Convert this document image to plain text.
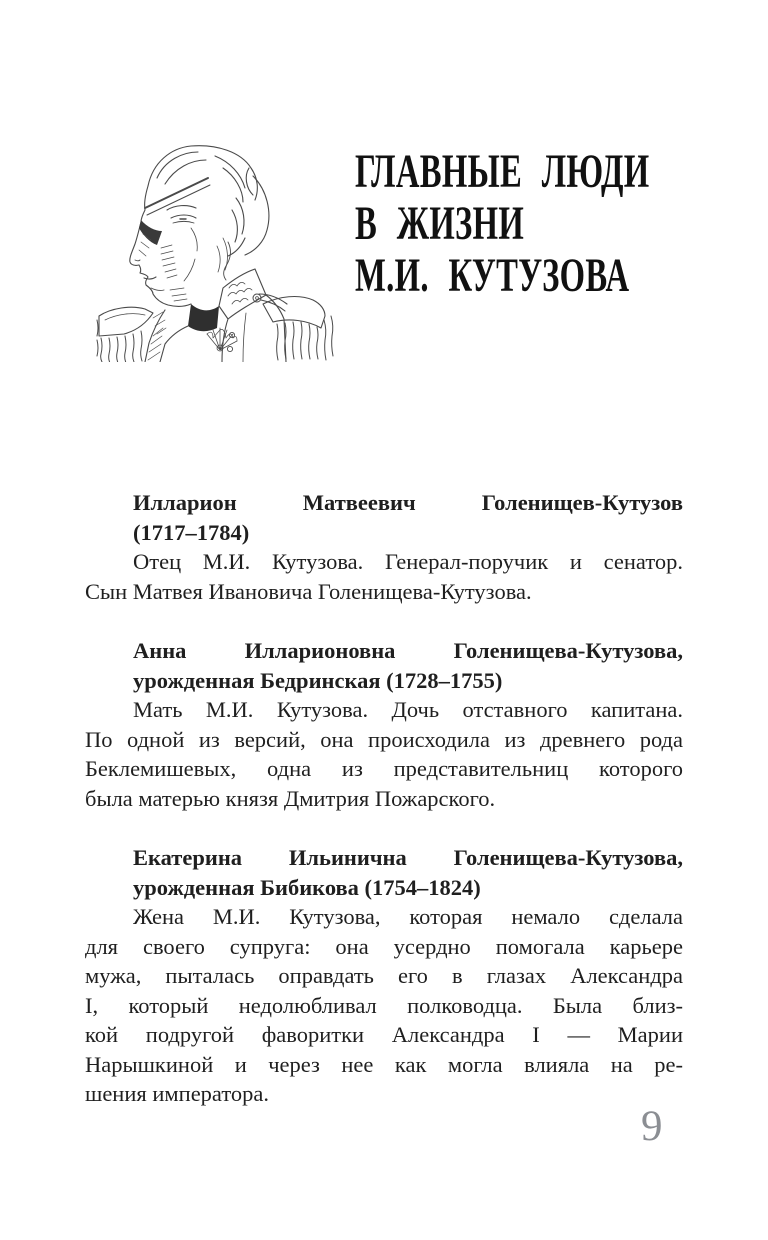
ГЛАВНЫЕ ЛЮДИ
В ЖИЗНИ
М.И. КУТУЗОВА
Илларион Матвеевич Голенищев-Кутузов
(1717–1784)
Отец М.И. Кутузова. Генерал-поручик и сенатор.
Сын Матвея Ивановича Голенищева-Кутузова.
Анна Илларионовна Голенищева-Кутузова,
урожденная Бедринская (1728–1755)
Мать М.И. Кутузова. Дочь отставного капитана.
По одной из версий, она происходила из древнего рода
Беклемишевых, одна из представительниц которого
была матерью князя Дмитрия Пожарского.
Екатерина Ильинична Голенищева-Кутузова,
урожденная Бибикова (1754–1824)
Жена М.И. Кутузова, которая немало сделала
для своего супруга: она усердно помогала карьере
мужа, пыталась оправдать его в глазах Александра
I, который недолюбливал полководца. Была близ-
кой подругой фаворитки Александра I — Марии
Нарышкиной и через нее как могла влияла на ре-
шения императора.
9
